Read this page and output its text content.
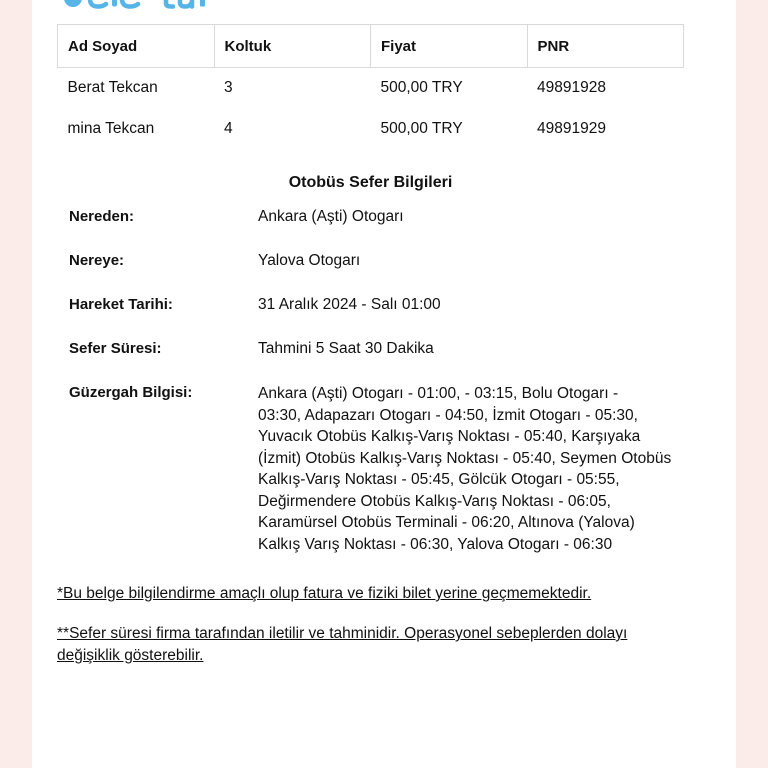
Ad Soyad	Koltuk	Fiyat	PNR
Berat Tekcan	3	500,00 TRY	49891928
mina Tekcan	4	500,00 TRY	49891929
Otobüs Sefer Bilgileri
Nereden:	Ankara (Aşti) Otogarı
Nereye:	Yalova Otogarı
Hareket Tarihi:	31 Aralık 2024 - Salı 01:00
Sefer Süresi:	Tahmini 5 Saat 30 Dakika
Güzergah Bilgisi:	Ankara (Aşti) Otogarı - 01:00, - 03:15, Bolu Otogarı -
03:30, Adapazarı Otogarı - 04:50, İzmit Otogarı - 05:30,
Yuvacık Otobüs Kalkış-Varış Noktası - 05:40, Karşıyaka
(İzmit) Otobüs Kalkış-Varış Noktası - 05:40, Seymen Otobüs
Kalkış-Varış Noktası - 05:45, Gölcük Otogarı - 05:55,
Değirmendere Otobüs Kalkış-Varış Noktası - 06:05,
Karamürsel Otobüs Terminali - 06:20, Altınova (Yalova)
Kalkış Varış Noktası - 06:30, Yalova Otogarı - 06:30
*Bu belge bilgilendirme amaçlı olup fatura ve fiziki bilet yerine geçmemektedir.
**Sefer süresi firma tarafından iletilir ve tahminidir. Operasyonel sebeplerden dolayı
değişiklik gösterebilir.
